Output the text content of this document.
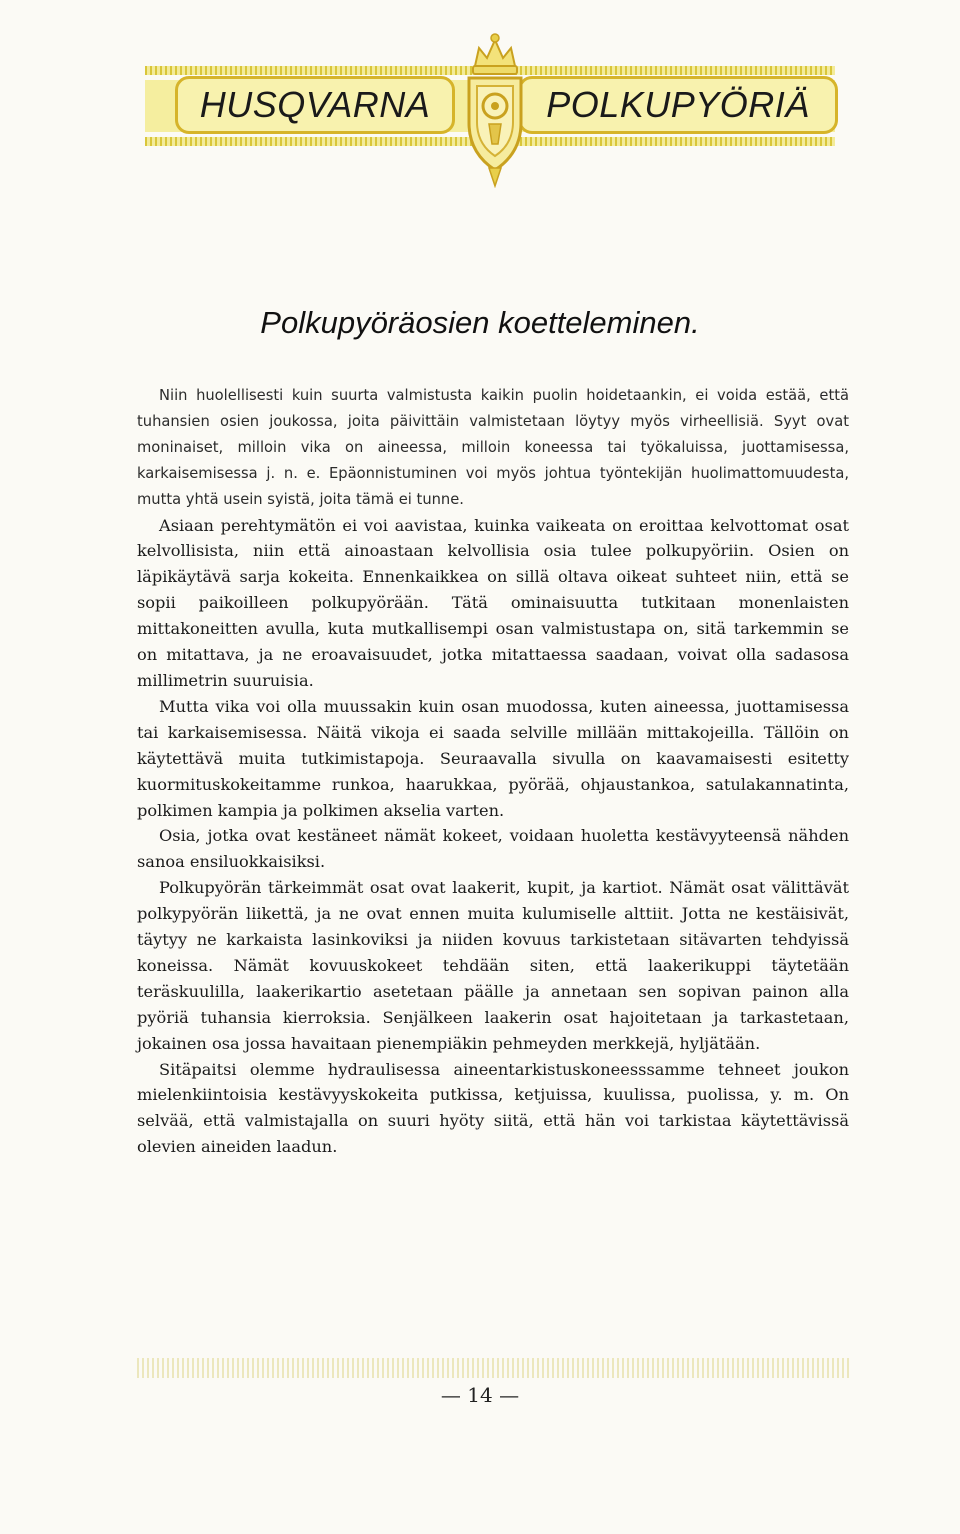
HUSQVARNA	POLKUPYÖRIÄ
Polkupyöräosien koetteleminen.

Niin huolellisesti kuin suurta valmistusta kaikin puolin hoidetaankin, ei voida estää, että tuhansien osien joukossa, joita päivittäin valmistetaan löytyy myös virheellisiä. Syyt ovat moninaiset, milloin vika on aineessa, milloin koneessa tai työkaluissa, juottamisessa, karkaisemisessa j. n. e. Epäonnistuminen voi myös johtua työntekijän huolimattomuudesta, mutta yhtä usein syistä, joita tämä ei tunne.

Asiaan perehtymätön ei voi aavistaa, kuinka vaikeata on eroittaa kelvottomat osat kelvollisista, niin että ainoastaan kelvollisia osia tulee polkupyöriin. Osien on läpikäytävä sarja kokeita. Ennenkaikkea on sillä oltava oikeat suhteet niin, että se sopii paikoilleen polkupyörään. Tätä ominaisuutta tutkitaan monenlaisten mittakoneitten avulla, kuta mutkallisempi osan valmistustapa on, sitä tarkemmin se on mitattava, ja ne eroavaisuudet, jotka mitattaessa saadaan, voivat olla sadasosa millimetrin suuruisia.

Mutta vika voi olla muussakin kuin osan muodossa, kuten aineessa, juottamisessa tai karkaisemisessa. Näitä vikoja ei saada selville millään mittakojeilla. Tällöin on käytettävä muita tutkimistapoja. Seuraavalla sivulla on kaavamaisesti esitetty kuormituskokeitamme runkoa, haarukkaa, pyörää, ohjaustankoa, satulakannatinta, polkimen kampia ja polkimen akselia varten.

Osia, jotka ovat kestäneet nämät kokeet, voidaan huoletta kestävyyteensä nähden sanoa ensiluokkaisiksi.

Polkupyörän tärkeimmät osat ovat laakerit, kupit, ja kartiot. Nämät osat välittävät polkypyörän liikettä, ja ne ovat ennen muita kulumiselle alttiit. Jotta ne kestäisivät, täytyy ne karkaista lasinkoviksi ja niiden kovuus tarkistetaan sitävarten tehdyissä koneissa. Nämät kovuuskokeet tehdään siten, että laakerikuppi täytetään teräskuulilla, laakerikartio asetetaan päälle ja annetaan sen sopivan painon alla pyöriä tuhansia kierroksia. Senjälkeen laakerin osat hajoitetaan ja tarkastetaan, jokainen osa jossa havaitaan pienempiäkin pehmeyden merkkejä, hyljätään.

Sitäpaitsi olemme hydraulisessa aineentarkistuskoneesssamme tehneet joukon mielenkiintoisia kestävyyskokeita putkissa, ketjuissa, kuulissa, puolissa, y. m. On selvää, että valmistajalla on suuri hyöty siitä, että hän voi tarkistaa käytettävissä olevien aineiden laadun.

— 14 —
